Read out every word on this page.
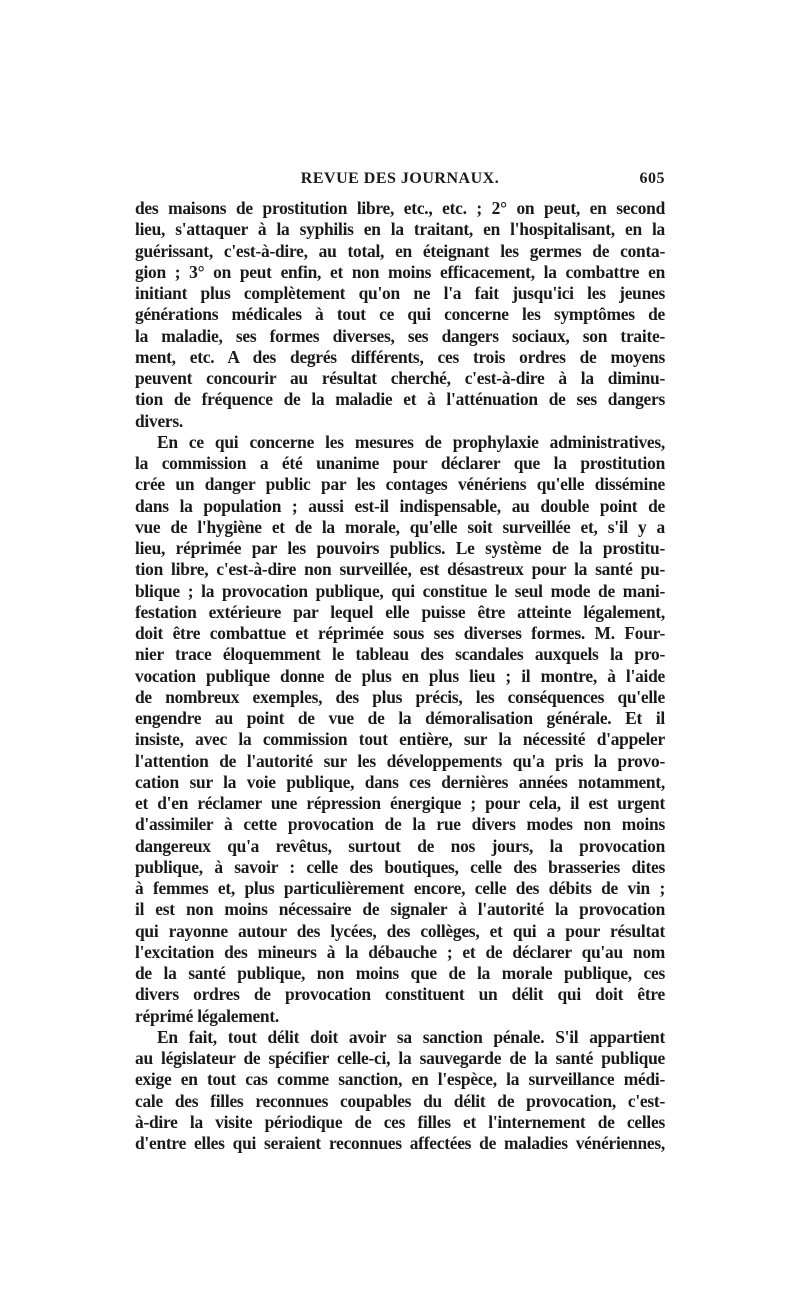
REVUE DES JOURNAUX.	605

des maisons de prostitution libre, etc., etc. ; 2° on peut, en second
lieu, s'attaquer à la syphilis en la traitant, en l'hospitalisant, en la
guérissant, c'est-à-dire, au total, en éteignant les germes de conta-
gion ; 3° on peut enfin, et non moins efficacement, la combattre en
initiant plus complètement qu'on ne l'a fait jusqu'ici les jeunes
générations médicales à tout ce qui concerne les symptômes de
la maladie, ses formes diverses, ses dangers sociaux, son traite-
ment, etc. A des degrés différents, ces trois ordres de moyens
peuvent concourir au résultat cherché, c'est-à-dire à la diminu-
tion de fréquence de la maladie et à l'atténuation de ses dangers
divers.

En ce qui concerne les mesures de prophylaxie administratives,
la commission a été unanime pour déclarer que la prostitution
crée un danger public par les contages vénériens qu'elle dissémine
dans la population ; aussi est-il indispensable, au double point de
vue de l'hygiène et de la morale, qu'elle soit surveillée et, s'il y a
lieu, réprimée par les pouvoirs publics. Le système de la prostitu-
tion libre, c'est-à-dire non surveillée, est désastreux pour la santé pu-
blique ; la provocation publique, qui constitue le seul mode de mani-
festation extérieure par lequel elle puisse être atteinte légalement,
doit être combattue et réprimée sous ses diverses formes. M. Four-
nier trace éloquemment le tableau des scandales auxquels la pro-
vocation publique donne de plus en plus lieu ; il montre, à l'aide
de nombreux exemples, des plus précis, les conséquences qu'elle
engendre au point de vue de la démoralisation générale. Et il
insiste, avec la commission tout entière, sur la nécessité d'appeler
l'attention de l'autorité sur les développements qu'a pris la provo-
cation sur la voie publique, dans ces dernières années notamment,
et d'en réclamer une répression énergique ; pour cela, il est urgent
d'assimiler à cette provocation de la rue divers modes non moins
dangereux qu'a revêtus, surtout de nos jours, la provocation
publique, à savoir : celle des boutiques, celle des brasseries dites
à femmes et, plus particulièrement encore, celle des débits de vin ;
il est non moins nécessaire de signaler à l'autorité la provocation
qui rayonne autour des lycées, des collèges, et qui a pour résultat
l'excitation des mineurs à la débauche ; et de déclarer qu'au nom
de la santé publique, non moins que de la morale publique, ces
divers ordres de provocation constituent un délit qui doit être
réprimé légalement.

En fait, tout délit doit avoir sa sanction pénale. S'il appartient
au législateur de spécifier celle-ci, la sauvegarde de la santé publique
exige en tout cas comme sanction, en l'espèce, la surveillance médi-
cale des filles reconnues coupables du délit de provocation, c'est-
à-dire la visite périodique de ces filles et l'internement de celles
d'entre elles qui seraient reconnues affectées de maladies vénériennes,
